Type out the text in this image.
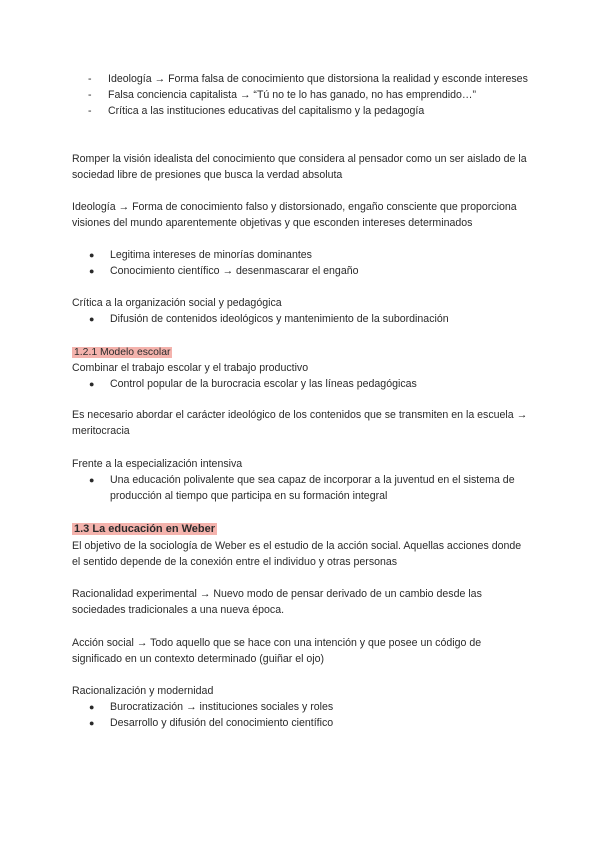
- Ideología → Forma falsa de conocimiento que distorsiona la realidad y esconde intereses
- Falsa conciencia capitalista → “Tú no te lo has ganado, no has emprendido…”
- Crítica a las instituciones educativas del capitalismo y la pedagogía

Romper la visión idealista del conocimiento que considera al pensador como un ser aislado de la sociedad libre de presiones que busca la verdad absoluta

Ideología → Forma de conocimiento falso y distorsionado, engaño consciente que proporciona visiones del mundo aparentemente objetivas y que esconden intereses determinados

● Legitima intereses de minorías dominantes
● Conocimiento científico → desenmascarar el engaño

Crítica a la organización social y pedagógica

● Difusión de contenidos ideológicos y mantenimiento de la subordinación

1.2.1 Modelo escolar

Combinar el trabajo escolar y el trabajo productivo

● Control popular de la burocracia escolar y las líneas pedagógicas

Es necesario abordar el carácter ideológico de los contenidos que se transmiten en la escuela → meritocracia

Frente a la especialización intensiva

● Una educación polivalente que sea capaz de incorporar a la juventud en el sistema de producción al tiempo que participa en su formación integral

1.3 La educación en Weber

El objetivo de la sociología de Weber es el estudio de la acción social. Aquellas acciones donde el sentido depende de la conexión entre el individuo y otras personas

Racionalidad experimental → Nuevo modo de pensar derivado de un cambio desde las sociedades tradicionales a una nueva época.

Acción social → Todo aquello que se hace con una intención y que posee un código de significado en un contexto determinado (guiñar el ojo)

Racionalización y modernidad

● Burocratización → instituciones sociales y roles
● Desarrollo y difusión del conocimiento científico
